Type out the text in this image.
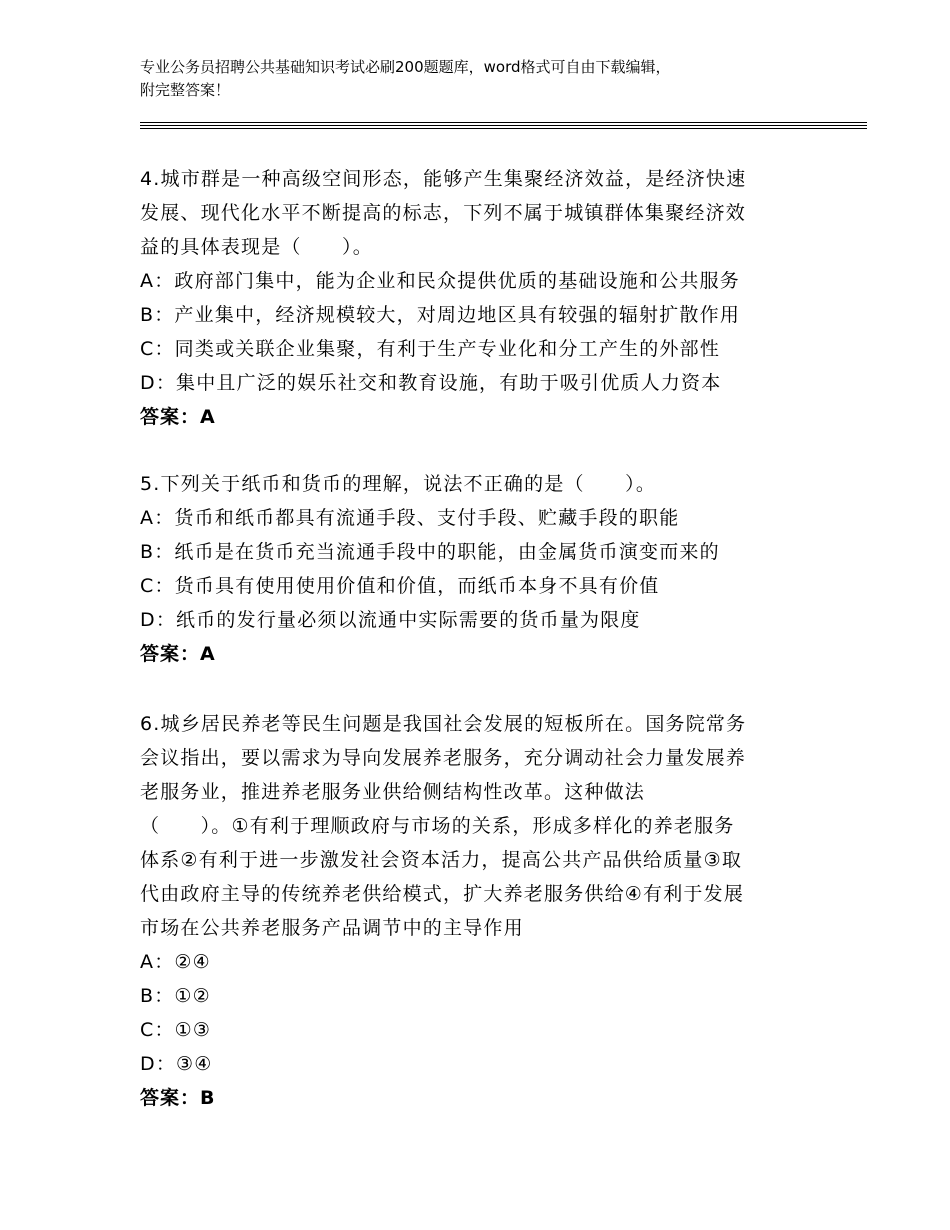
专业公务员招聘公共基础知识考试必刷200题题库，word格式可自由下载编辑，
附完整答案！
4.城市群是一种高级空间形态，能够产生集聚经济效益，是经济快速
发展、现代化水平不断提高的标志，下列不属于城镇群体集聚经济效
益的具体表现是（　　）。
A：政府部门集中，能为企业和民众提供优质的基础设施和公共服务
B：产业集中，经济规模较大，对周边地区具有较强的辐射扩散作用
C：同类或关联企业集聚，有利于生产专业化和分工产生的外部性
D：集中且广泛的娱乐社交和教育设施，有助于吸引优质人力资本
答案：A
5.下列关于纸币和货币的理解，说法不正确的是（　　）。
A：货币和纸币都具有流通手段、支付手段、贮藏手段的职能
B：纸币是在货币充当流通手段中的职能，由金属货币演变而来的
C：货币具有使用使用价值和价值，而纸币本身不具有价值
D：纸币的发行量必须以流通中实际需要的货币量为限度
答案：A
6.城乡居民养老等民生问题是我国社会发展的短板所在。国务院常务
会议指出，要以需求为导向发展养老服务，充分调动社会力量发展养
老服务业，推进养老服务业供给侧结构性改革。这种做法
（　　）。①有利于理顺政府与市场的关系，形成多样化的养老服务
体系②有利于进一步激发社会资本活力，提高公共产品供给质量③取
代由政府主导的传统养老供给模式，扩大养老服务供给④有利于发展
市场在公共养老服务产品调节中的主导作用
A：②④
B：①②
C：①③
D：③④
答案：B
